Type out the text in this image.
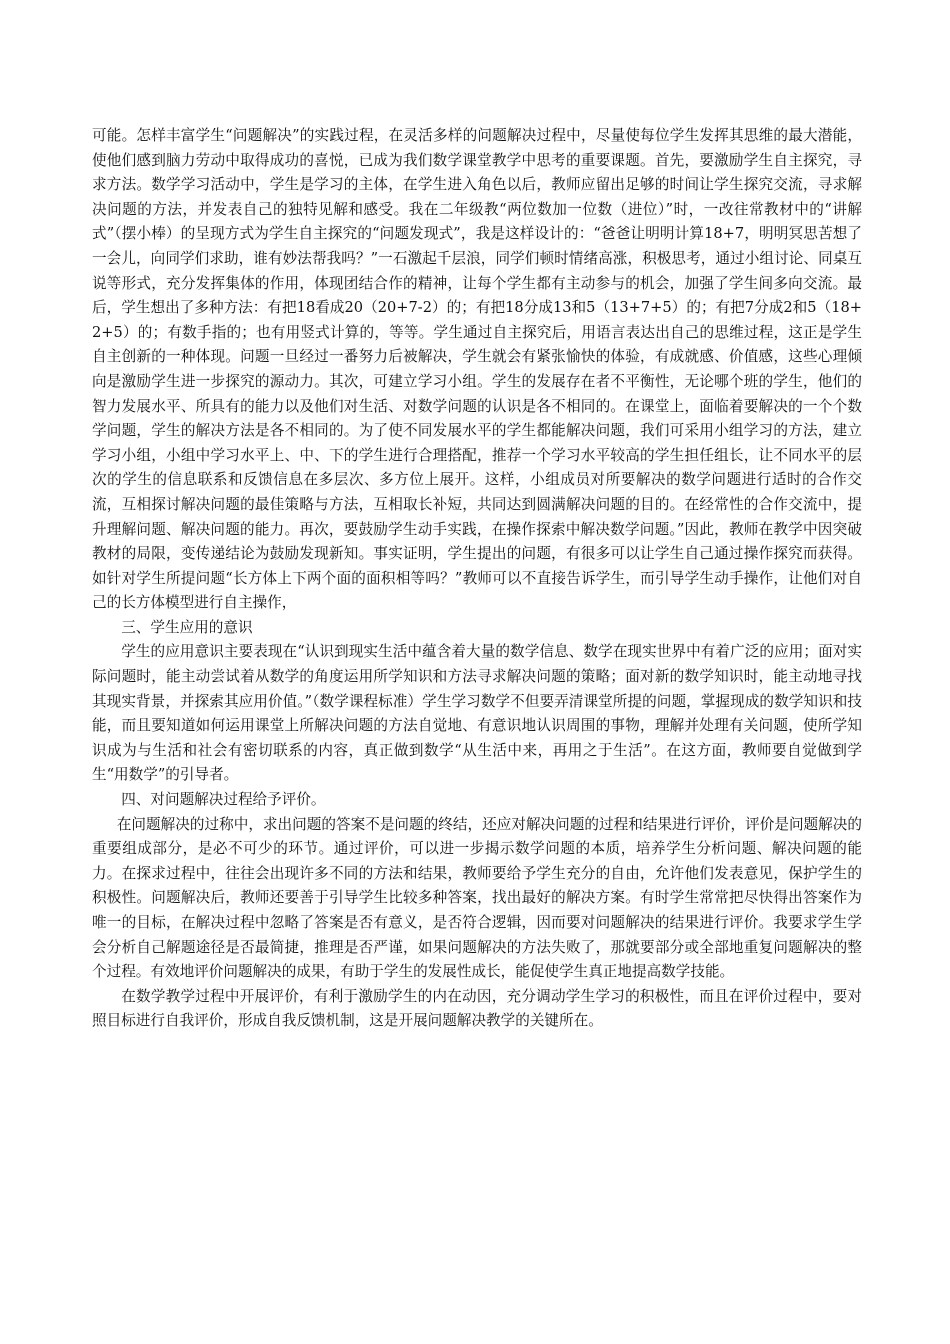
可能。怎样丰富学生“问题解决”的实践过程，在灵活多样的问题解决过程中，尽量使每位学生发挥其思维的最大潜能，使他们感到脑力劳动中取得成功的喜悦，已成为我们数学课堂教学中思考的重要课题。首先，要激励学生自主探究，寻求方法。数学学习活动中，学生是学习的主体，在学生进入角色以后，教师应留出足够的时间让学生探究交流，寻求解决问题的方法，并发表自己的独特见解和感受。我在二年级教“两位数加一位数（进位）”时，一改往常教材中的“讲解式”（摆小棒）的呈现方式为学生自主探究的“问题发现式”，我是这样设计的：“爸爸让明明计算18+7，明明冥思苦想了一会儿，向同学们求助，谁有妙法帮我吗？”一石激起千层浪，同学们顿时情绪高涨，积极思考，通过小组讨论、同桌互说等形式，充分发挥集体的作用，体现团结合作的精神，让每个学生都有主动参与的机会，加强了学生间多向交流。最后，学生想出了多种方法：有把18看成20（20+7-2）的；有把18分成13和5（13+7+5）的；有把7分成2和5（18+2+5）的；有数手指的；也有用竖式计算的，等等。学生通过自主探究后，用语言表达出自己的思维过程，这正是学生自主创新的一种体现。问题一旦经过一番努力后被解决，学生就会有紧张愉快的体验，有成就感、价值感，这些心理倾向是激励学生进一步探究的源动力。其次，可建立学习小组。学生的发展存在者不平衡性，无论哪个班的学生，他们的智力发展水平、所具有的能力以及他们对生活、对数学问题的认识是各不相同的。在课堂上，面临着要解决的一个个数学问题，学生的解决方法是各不相同的。为了使不同发展水平的学生都能解决问题，我们可采用小组学习的方法，建立学习小组，小组中学习水平上、中、下的学生进行合理搭配，推荐一个学习水平较高的学生担任组长，让不同水平的层次的学生的信息联系和反馈信息在多层次、多方位上展开。这样，小组成员对所要解决的数学问题进行适时的合作交流，互相探讨解决问题的最佳策略与方法，互相取长补短，共同达到圆满解决问题的目的。在经常性的合作交流中，提升理解问题、解决问题的能力。再次，要鼓励学生动手实践，在操作探索中解决数学问题。”因此，教师在教学中因突破教材的局限，变传递结论为鼓励发现新知。事实证明，学生提出的问题，有很多可以让学生自己通过操作探究而获得。如针对学生所提问题“长方体上下两个面的面积相等吗？”教师可以不直接告诉学生，而引导学生动手操作，让他们对自己的长方体模型进行自主操作，

三、学生应用的意识

学生的应用意识主要表现在“认识到现实生活中蕴含着大量的数学信息、数学在现实世界中有着广泛的应用；面对实际问题时，能主动尝试着从数学的角度运用所学知识和方法寻求解决问题的策略；面对新的数学知识时，能主动地寻找其现实背景，并探索其应用价值。”（数学课程标准）学生学习数学不但要弄清课堂所提的问题，掌握现成的数学知识和技能，而且要知道如何运用课堂上所解决问题的方法自觉地、有意识地认识周围的事物，理解并处理有关问题，使所学知识成为与生活和社会有密切联系的内容，真正做到数学“从生活中来，再用之于生活”。在这方面，教师要自觉做到学生“用数学”的引导者。

四、对问题解决过程给予评价。

在问题解决的过称中，求出问题的答案不是问题的终结，还应对解决问题的过程和结果进行评价，评价是问题解决的重要组成部分，是必不可少的环节。通过评价，可以进一步揭示数学问题的本质，培养学生分析问题、解决问题的能力。在探求过程中，往往会出现许多不同的方法和结果，教师要给予学生充分的自由，允许他们发表意见，保护学生的积极性。问题解决后，教师还要善于引导学生比较多种答案，找出最好的解决方案。有时学生常常把尽快得出答案作为唯一的目标，在解决过程中忽略了答案是否有意义，是否符合逻辑，因而要对问题解决的结果进行评价。我要求学生学会分析自己解题途径是否最简捷，推理是否严谨，如果问题解决的方法失败了，那就要部分或全部地重复问题解决的整个过程。有效地评价问题解决的成果，有助于学生的发展性成长，能促使学生真正地提高数学技能。

在数学教学过程中开展评价，有利于激励学生的内在动因，充分调动学生学习的积极性，而且在评价过程中，要对照目标进行自我评价，形成自我反馈机制，这是开展问题解决教学的关键所在。
